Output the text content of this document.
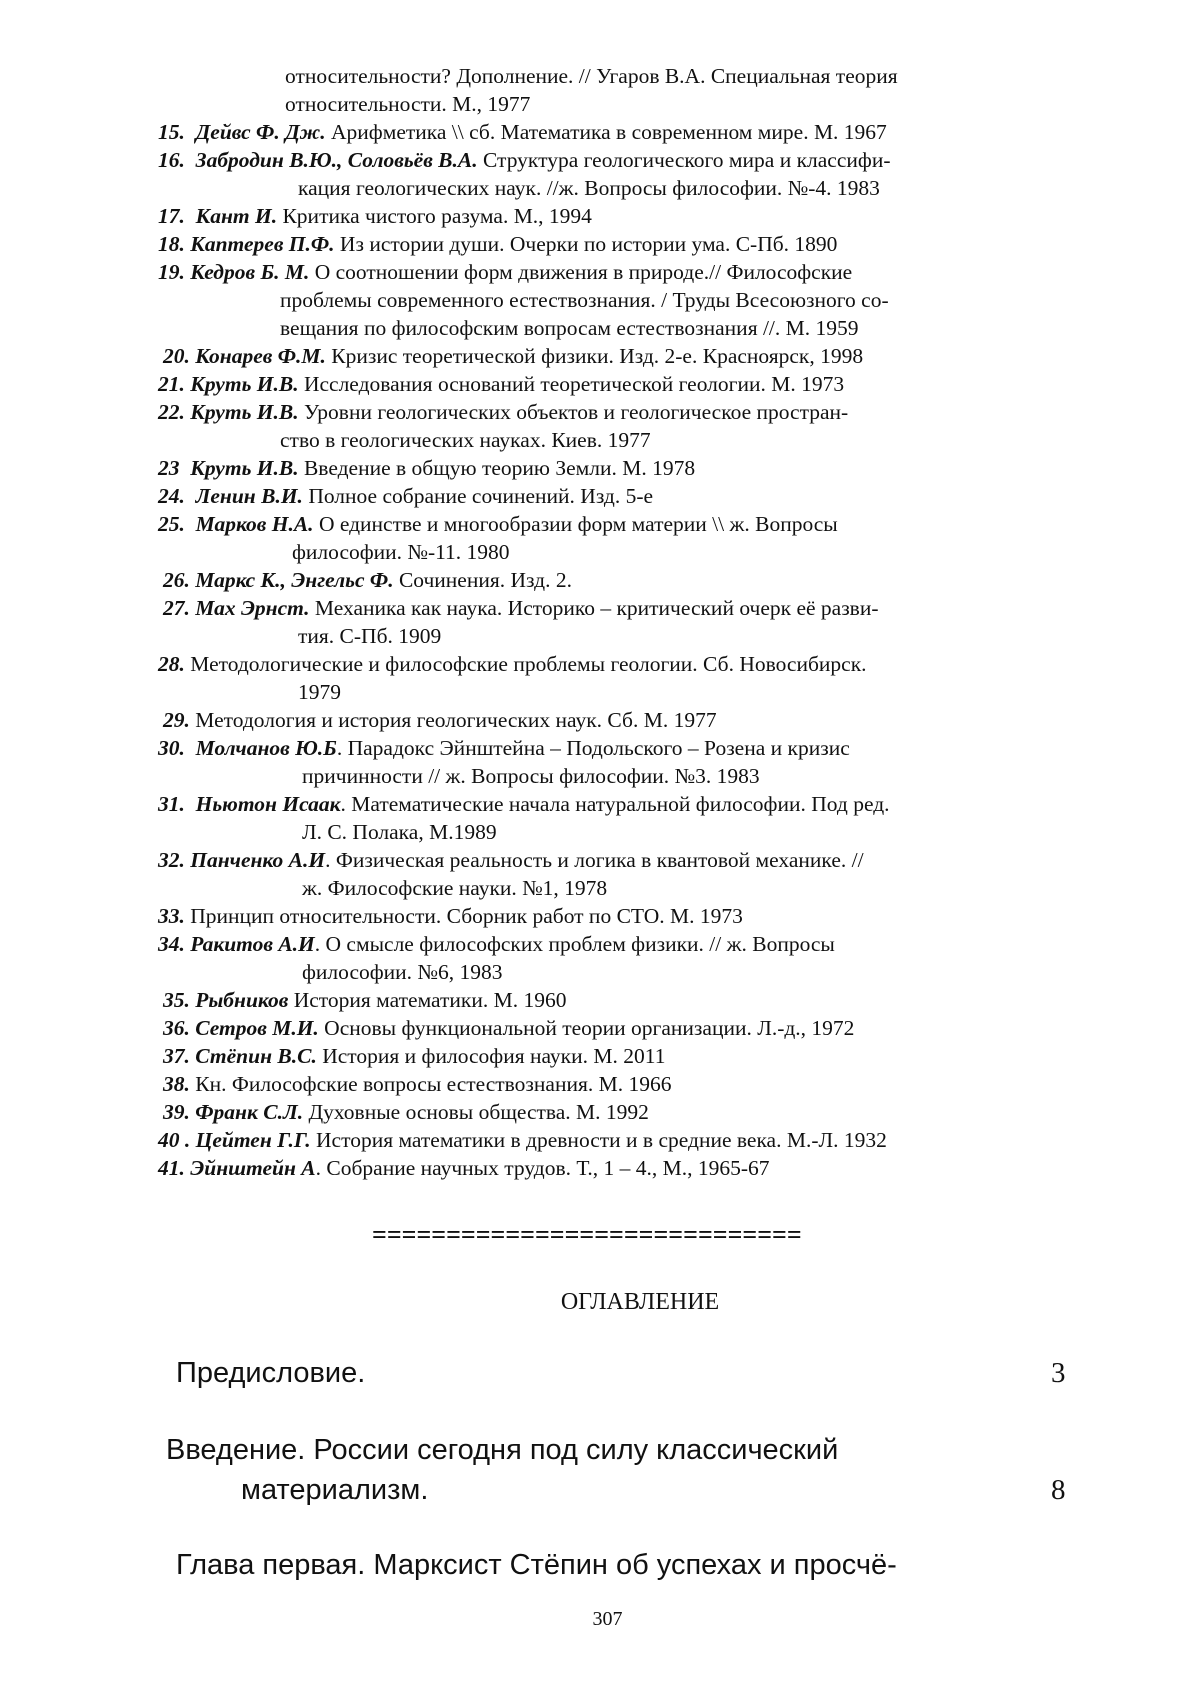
относительности? Дополнение. // Угаров В.А. Специальная теория
относительности. М., 1977
15. Дейвс Ф. Дж. Арифметика \\ сб. Математика в современном мире. М. 1967
16. Забродин В.Ю., Соловьёв В.А. Структура геологического мира и классифи-
кация геологических наук. //ж. Вопросы философии. №-4. 1983
17. Кант И. Критика чистого разума. М., 1994
18. Каптерев П.Ф. Из истории души. Очерки по истории ума. С-Пб. 1890
19. Кедров Б. М. О соотношении форм движения в природе.// Философские
проблемы современного естествознания. / Труды Всесоюзного со-
вещания по философским вопросам естествознания //. М. 1959
20. Конарев Ф.М. Кризис теоретической физики. Изд. 2-е. Красноярск, 1998
21. Круть И.В. Исследования оснований теоретической геологии. М. 1973
22. Круть И.В. Уровни геологических объектов и геологическое простран-
ство в геологических науках. Киев. 1977
23 Круть И.В. Введение в общую теорию Земли. М. 1978
24. Ленин В.И. Полное собрание сочинений. Изд. 5-е
25. Марков Н.А. О единстве и многообразии форм материи \\ ж. Вопросы
философии. №-11. 1980
26. Маркс К., Энгельс Ф. Сочинения. Изд. 2.
27. Мах Эрнст. Механика как наука. Историко – критический очерк её разви-
тия. С-Пб. 1909
28. Методологические и философские проблемы геологии. Сб. Новосибирск.
1979
29. Методология и история геологических наук. Сб. М. 1977
30. Молчанов Ю.Б. Парадокс Эйнштейна – Подольского – Розена и кризис
причинности // ж. Вопросы философии. №3. 1983
31. Ньютон Исаак. Математические начала натуральной философии. Под ред.
Л. С. Полака, М.1989
32. Панченко А.И. Физическая реальность и логика в квантовой механике. //
ж. Философские науки. №1, 1978
33. Принцип относительности. Сборник работ по СТО. М. 1973
34. Ракитов А.И. О смысле философских проблем физики. // ж. Вопросы
философии. №6, 1983
35. Рыбников История математики. М. 1960
36. Сетров М.И. Основы функциональной теории организации. Л.-д., 1972
37. Стёпин В.С. История и философия науки. М. 2011
38. Кн. Философские вопросы естествознания. М. 1966
39. Франк С.Л. Духовные основы общества. М. 1992
40 . Цейтен Г.Г. История математики в древности и в средние века. М.-Л. 1932
41. Эйнштейн А. Собрание научных трудов. Т., 1 – 4., М., 1965-67
=============================
ОГЛАВЛЕНИЕ
Предисловие.	3
Введение. России сегодня под силу классический
материализм.	8
Глава первая. Марксист Стёпин об успехах и просчё-
307
